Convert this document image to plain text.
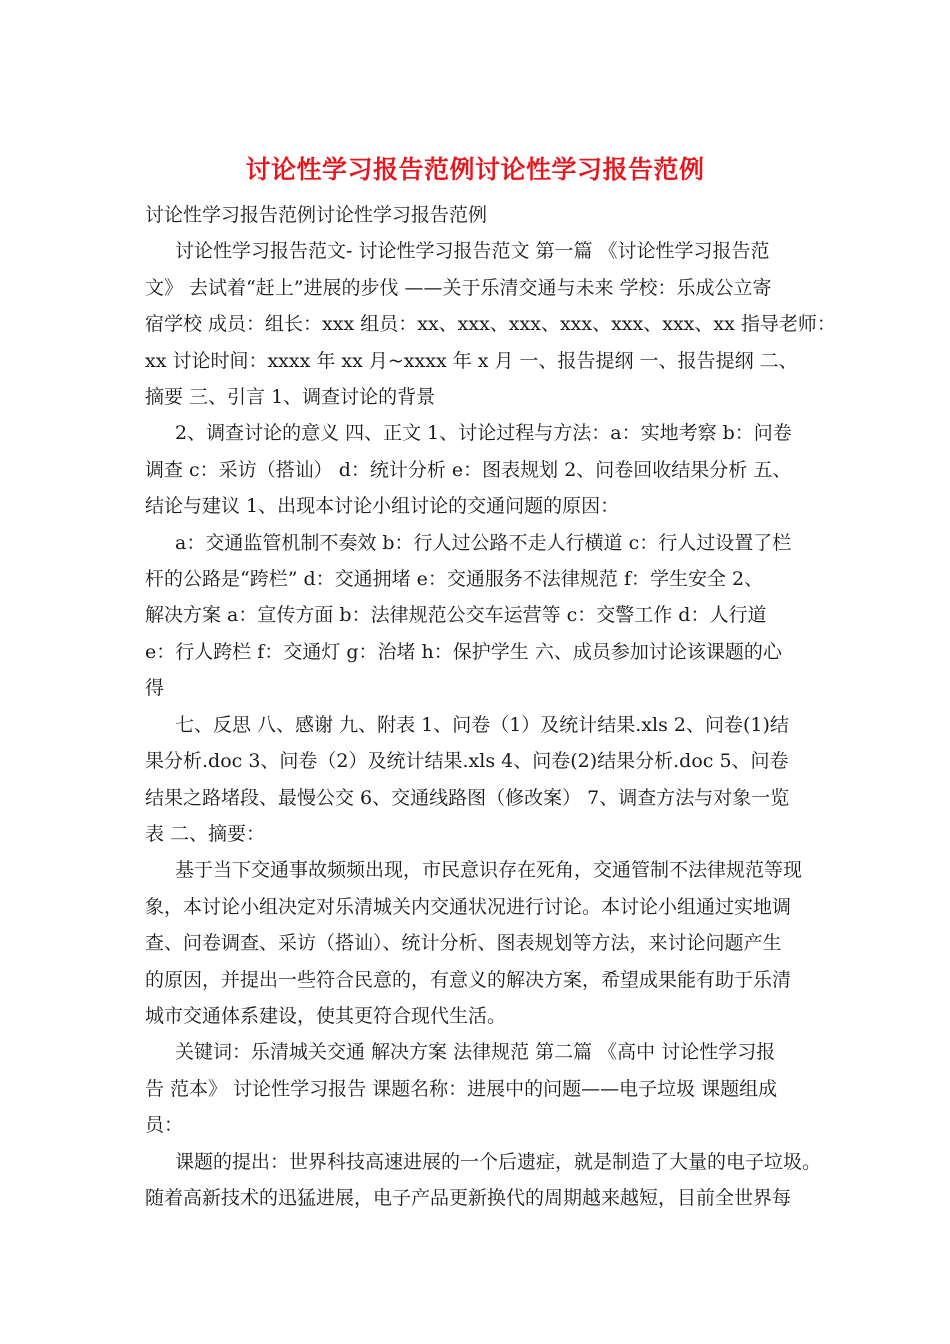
讨论性学习报告范例讨论性学习报告范例

讨论性学习报告范例讨论性学习报告范例

讨论性学习报告范文- 讨论性学习报告范文 第一篇 《讨论性学习报告范

文》 去试着“赶上”进展的步伐 ——关于乐清交通与未来 学校：乐成公立寄

宿学校 成员：组长：xxx 组员：xx、xxx、xxx、xxx、xxx、xxx、xx 指导老师：

xx 讨论时间：xxxx 年 xx 月~xxxx 年 x 月 一、报告提纲 一、报告提纲 二、

摘要 三、引言 1、调查讨论的背景

2、调查讨论的意义 四、正文 1、讨论过程与方法：a：实地考察 b：问卷

调查 c：采访（搭讪） d：统计分析 e：图表规划 2、问卷回收结果分析 五、

结论与建议 1、出现本讨论小组讨论的交通问题的原因：

a：交通监管机制不奏效 b：行人过公路不走人行横道 c：行人过设置了栏

杆的公路是“跨栏” d：交通拥堵 e：交通服务不法律规范 f：学生安全 2、

解决方案 a：宣传方面 b：法律规范公交车运营等 c：交警工作 d：人行道

e：行人跨栏 f：交通灯 g：治堵 h：保护学生 六、成员参加讨论该课题的心

得

七、反思 八、感谢 九、附表 1、问卷（1）及统计结果.xls 2、问卷(1)结

果分析.doc 3、问卷（2）及统计结果.xls 4、问卷(2)结果分析.doc 5、问卷

结果之路堵段、最慢公交 6、交通线路图（修改案） 7、调查方法与对象一览

表 二、摘要：

基于当下交通事故频频出现，市民意识存在死角，交通管制不法律规范等现

象，本讨论小组决定对乐清城关内交通状况进行讨论。本讨论小组通过实地调

查、问卷调查、采访（搭讪）、统计分析、图表规划等方法，来讨论问题产生

的原因，并提出一些符合民意的，有意义的解决方案，希望成果能有助于乐清

城市交通体系建设，使其更符合现代生活。

关键词：乐清城关交通 解决方案 法律规范 第二篇 《高中 讨论性学习报

告 范本》 讨论性学习报告 课题名称：进展中的问题——电子垃圾 课题组成

员：

课题的提出：世界科技高速进展的一个后遗症，就是制造了大量的电子垃圾。

随着高新技术的迅猛进展，电子产品更新换代的周期越来越短，目前全世界每
